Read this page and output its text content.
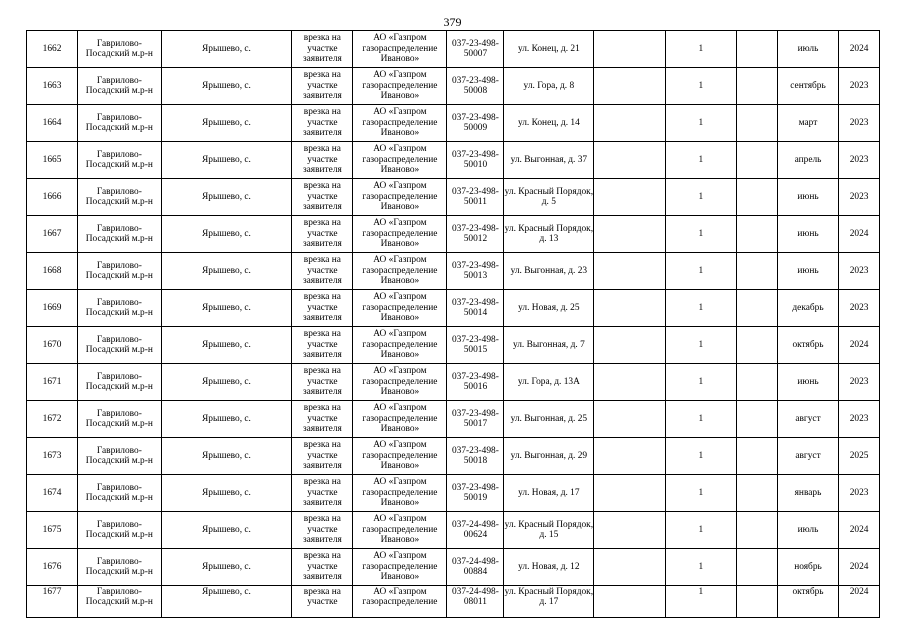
379
1662	Гаврилово-Посадский м.р-н	Ярышево, с.	врезка на участке заявителя	АО «Газпром газораспределение Иваново»	037-23-498-50007	ул. Конец, д. 21		1		июль	2024
1663	Гаврилово-Посадский м.р-н	Ярышево, с.	врезка на участке заявителя	АО «Газпром газораспределение Иваново»	037-23-498-50008	ул. Гора, д. 8		1		сентябрь	2023
1664	Гаврилово-Посадский м.р-н	Ярышево, с.	врезка на участке заявителя	АО «Газпром газораспределение Иваново»	037-23-498-50009	ул. Конец, д. 14		1		март	2023
1665	Гаврилово-Посадский м.р-н	Ярышево, с.	врезка на участке заявителя	АО «Газпром газораспределение Иваново»	037-23-498-50010	ул. Выгонная, д. 37		1		апрель	2023
1666	Гаврилово-Посадский м.р-н	Ярышево, с.	врезка на участке заявителя	АО «Газпром газораспределение Иваново»	037-23-498-50011	ул. Красный Порядок, д. 5		1		июнь	2023
1667	Гаврилово-Посадский м.р-н	Ярышево, с.	врезка на участке заявителя	АО «Газпром газораспределение Иваново»	037-23-498-50012	ул. Красный Порядок, д. 13		1		июнь	2024
1668	Гаврилово-Посадский м.р-н	Ярышево, с.	врезка на участке заявителя	АО «Газпром газораспределение Иваново»	037-23-498-50013	ул. Выгонная, д. 23		1		июнь	2023
1669	Гаврилово-Посадский м.р-н	Ярышево, с.	врезка на участке заявителя	АО «Газпром газораспределение Иваново»	037-23-498-50014	ул. Новая, д. 25		1		декабрь	2023
1670	Гаврилово-Посадский м.р-н	Ярышево, с.	врезка на участке заявителя	АО «Газпром газораспределение Иваново»	037-23-498-50015	ул. Выгонная, д. 7		1		октябрь	2024
1671	Гаврилово-Посадский м.р-н	Ярышево, с.	врезка на участке заявителя	АО «Газпром газораспределение Иваново»	037-23-498-50016	ул. Гора, д. 13А		1		июнь	2023
1672	Гаврилово-Посадский м.р-н	Ярышево, с.	врезка на участке заявителя	АО «Газпром газораспределение Иваново»	037-23-498-50017	ул. Выгонная, д. 25		1		август	2023
1673	Гаврилово-Посадский м.р-н	Ярышево, с.	врезка на участке заявителя	АО «Газпром газораспределение Иваново»	037-23-498-50018	ул. Выгонная, д. 29		1		август	2025
1674	Гаврилово-Посадский м.р-н	Ярышево, с.	врезка на участке заявителя	АО «Газпром газораспределение Иваново»	037-23-498-50019	ул. Новая, д. 17		1		январь	2023
1675	Гаврилово-Посадский м.р-н	Ярышево, с.	врезка на участке заявителя	АО «Газпром газораспределение Иваново»	037-24-498-00624	ул. Красный Порядок, д. 15		1		июль	2024
1676	Гаврилово-Посадский м.р-н	Ярышево, с.	врезка на участке заявителя	АО «Газпром газораспределение Иваново»	037-24-498-00884	ул. Новая, д. 12		1		ноябрь	2024
1677	Гаврилово-Посадский м.р-н	Ярышево, с.	врезка на участке	АО «Газпром газораспределение	037-24-498-08011	ул. Красный Порядок, д. 17		1		октябрь	2024
